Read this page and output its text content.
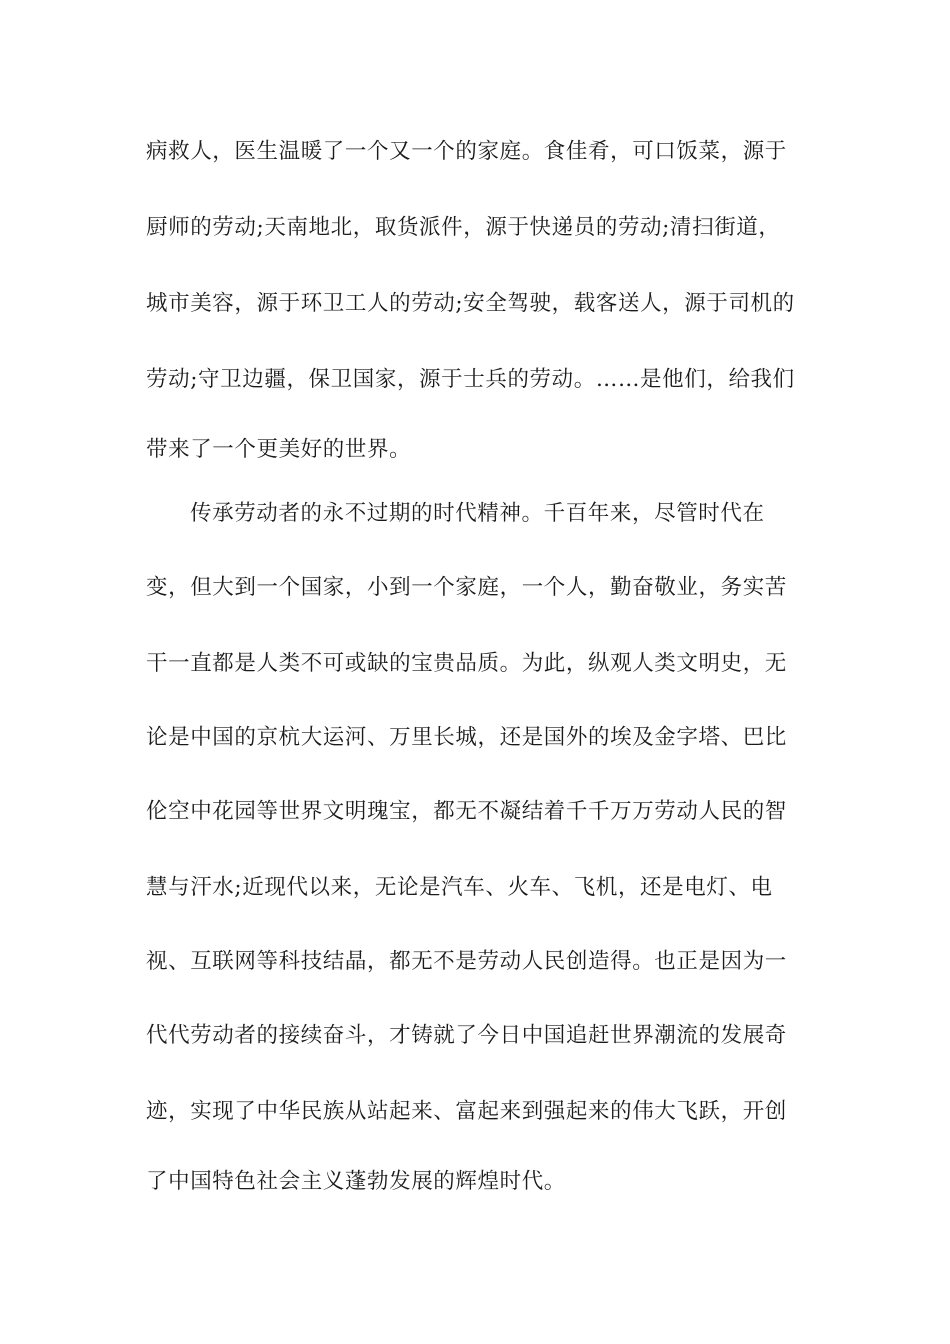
病救人，医生温暖了一个又一个的家庭。食佳肴，可口饭菜，源于
厨师的劳动;天南地北，取货派件，源于快递员的劳动;清扫街道，
城市美容，源于环卫工人的劳动;安全驾驶，载客送人，源于司机的
劳动;守卫边疆，保卫国家，源于士兵的劳动。……是他们，给我们
带来了一个更美好的世界。
传承劳动者的永不过期的时代精神。千百年来，尽管时代在
变，但大到一个国家，小到一个家庭，一个人，勤奋敬业，务实苦
干一直都是人类不可或缺的宝贵品质。为此，纵观人类文明史，无
论是中国的京杭大运河、万里长城，还是国外的埃及金字塔、巴比
伦空中花园等世界文明瑰宝，都无不凝结着千千万万劳动人民的智
慧与汗水;近现代以来，无论是汽车、火车、飞机，还是电灯、电
视、互联网等科技结晶，都无不是劳动人民创造得。也正是因为一
代代劳动者的接续奋斗，才铸就了今日中国追赶世界潮流的发展奇
迹，实现了中华民族从站起来、富起来到强起来的伟大飞跃，开创
了中国特色社会主义蓬勃发展的辉煌时代。
